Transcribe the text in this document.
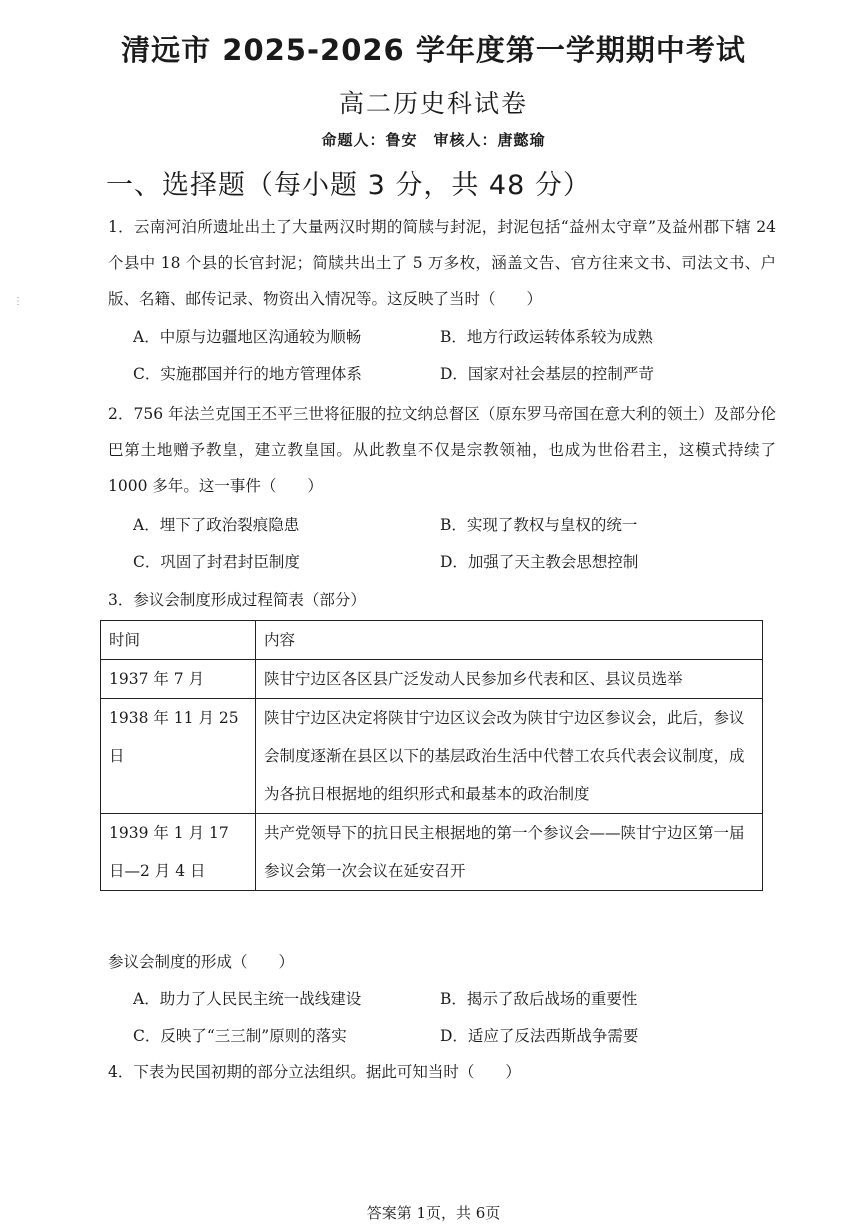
⋮
清远市 2025-2026 学年度第一学期期中考试
高二历史科试卷
命题人：鲁安　审核人：唐懿瑜
一、选择题（每小题 3 分，共 48 分）
1．云南河泊所遗址出土了大量两汉时期的简牍与封泥，封泥包括“益州太守章”及益州郡下辖 24 个县中 18 个县的长官封泥；简牍共出土了 5 万多枚，涵盖文告、官方往来文书、司法文书、户版、名籍、邮传记录、物资出入情况等。这反映了当时（　　）
A．中原与边疆地区沟通较为顺畅	B．地方行政运转体系较为成熟
C．实施郡国并行的地方管理体系	D．国家对社会基层的控制严苛
2．756 年法兰克国王丕平三世将征服的拉文纳总督区（原东罗马帝国在意大利的领土）及部分伦巴第土地赠予教皇，建立教皇国。从此教皇不仅是宗教领袖，也成为世俗君主，这模式持续了 1000 多年。这一事件（　　）
A．埋下了政治裂痕隐患	B．实现了教权与皇权的统一
C．巩固了封君封臣制度	D．加强了天主教会思想控制
3．参议会制度形成过程简表（部分）
时间	内容
1937 年 7 月	陕甘宁边区各区县广泛发动人民参加乡代表和区、县议员选举
1938 年 11 月 25 日	陕甘宁边区决定将陕甘宁边区议会改为陕甘宁边区参议会，此后，参议会制度逐渐在县区以下的基层政治生活中代替工农兵代表会议制度，成为各抗日根据地的组织形式和最基本的政治制度
1939 年 1 月 17 日—2 月 4 日	共产党领导下的抗日民主根据地的第一个参议会——陕甘宁边区第一届参议会第一次会议在延安召开
参议会制度的形成（　　）
A．助力了人民民主统一战线建设	B．揭示了敌后战场的重要性
C．反映了“三三制”原则的落实	D．适应了反法西斯战争需要
4．下表为民国初期的部分立法组织。据此可知当时（　　）
答案第 1页，共 6页
